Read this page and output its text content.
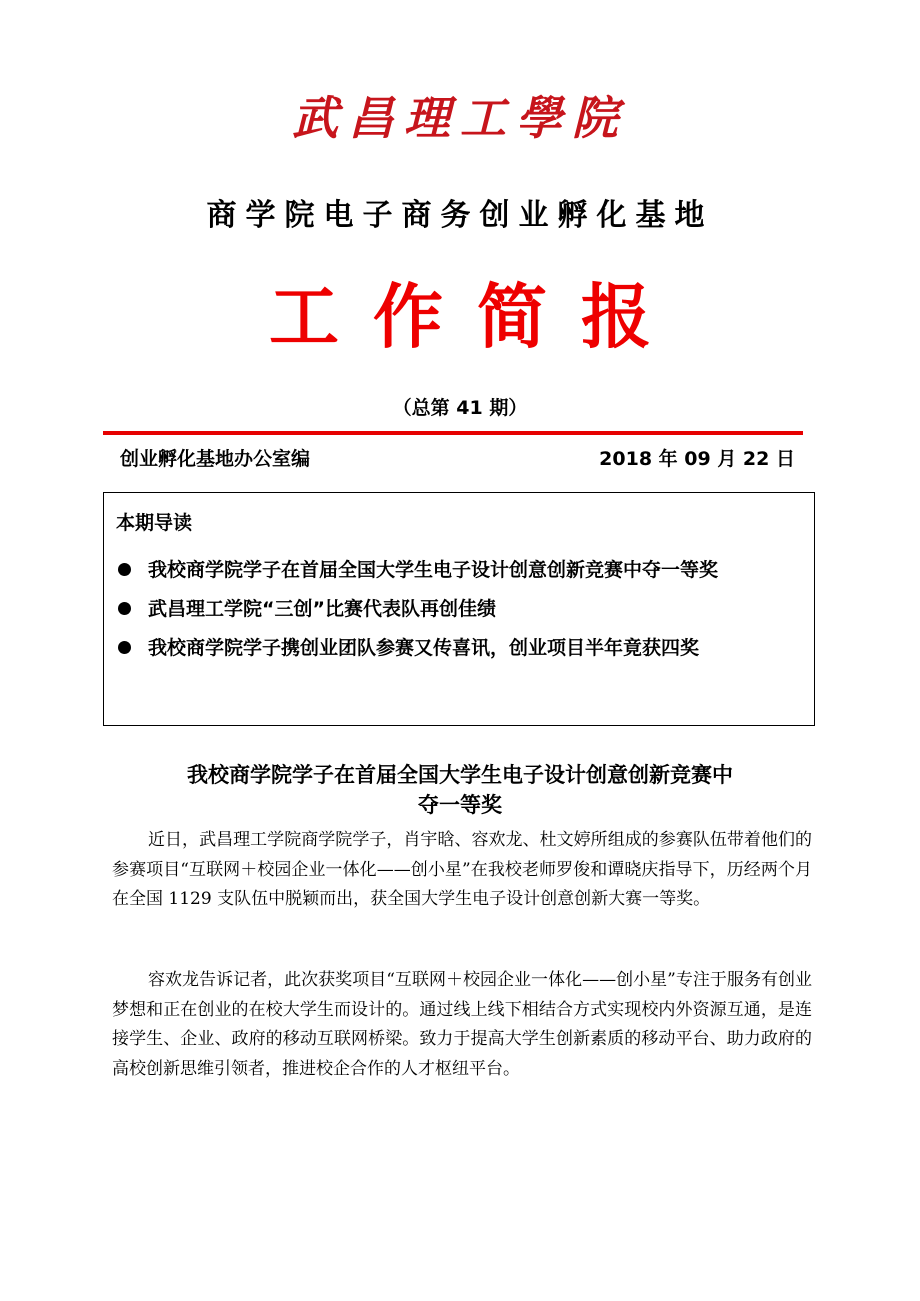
武昌理工學院
商学院电子商务创业孵化基地
工作简报
（总第 41 期）
创业孵化基地办公室编	2018 年 09 月 22 日
本期导读
我校商学院学子在首届全国大学生电子设计创意创新竞赛中夺一等奖
武昌理工学院“三创”比赛代表队再创佳绩
我校商学院学子携创业团队参赛又传喜讯，创业项目半年竟获四奖
我校商学院学子在首届全国大学生电子设计创意创新竞赛中
夺一等奖

近日，武昌理工学院商学院学子，肖宇晗、容欢龙、杜文婷所组成的参赛队伍带着他们的参赛项目“互联网＋校园企业一体化——创小星”在我校老师罗俊和谭晓庆指导下，历经两个月在全国 1129 支队伍中脱颖而出，获全国大学生电子设计创意创新大赛一等奖。

容欢龙告诉记者，此次获奖项目“互联网＋校园企业一体化——创小星”专注于服务有创业梦想和正在创业的在校大学生而设计的。通过线上线下相结合方式实现校内外资源互通，是连接学生、企业、政府的移动互联网桥梁。致力于提高大学生创新素质的移动平台、助力政府的高校创新思维引领者，推进校企合作的人才枢纽平台。
